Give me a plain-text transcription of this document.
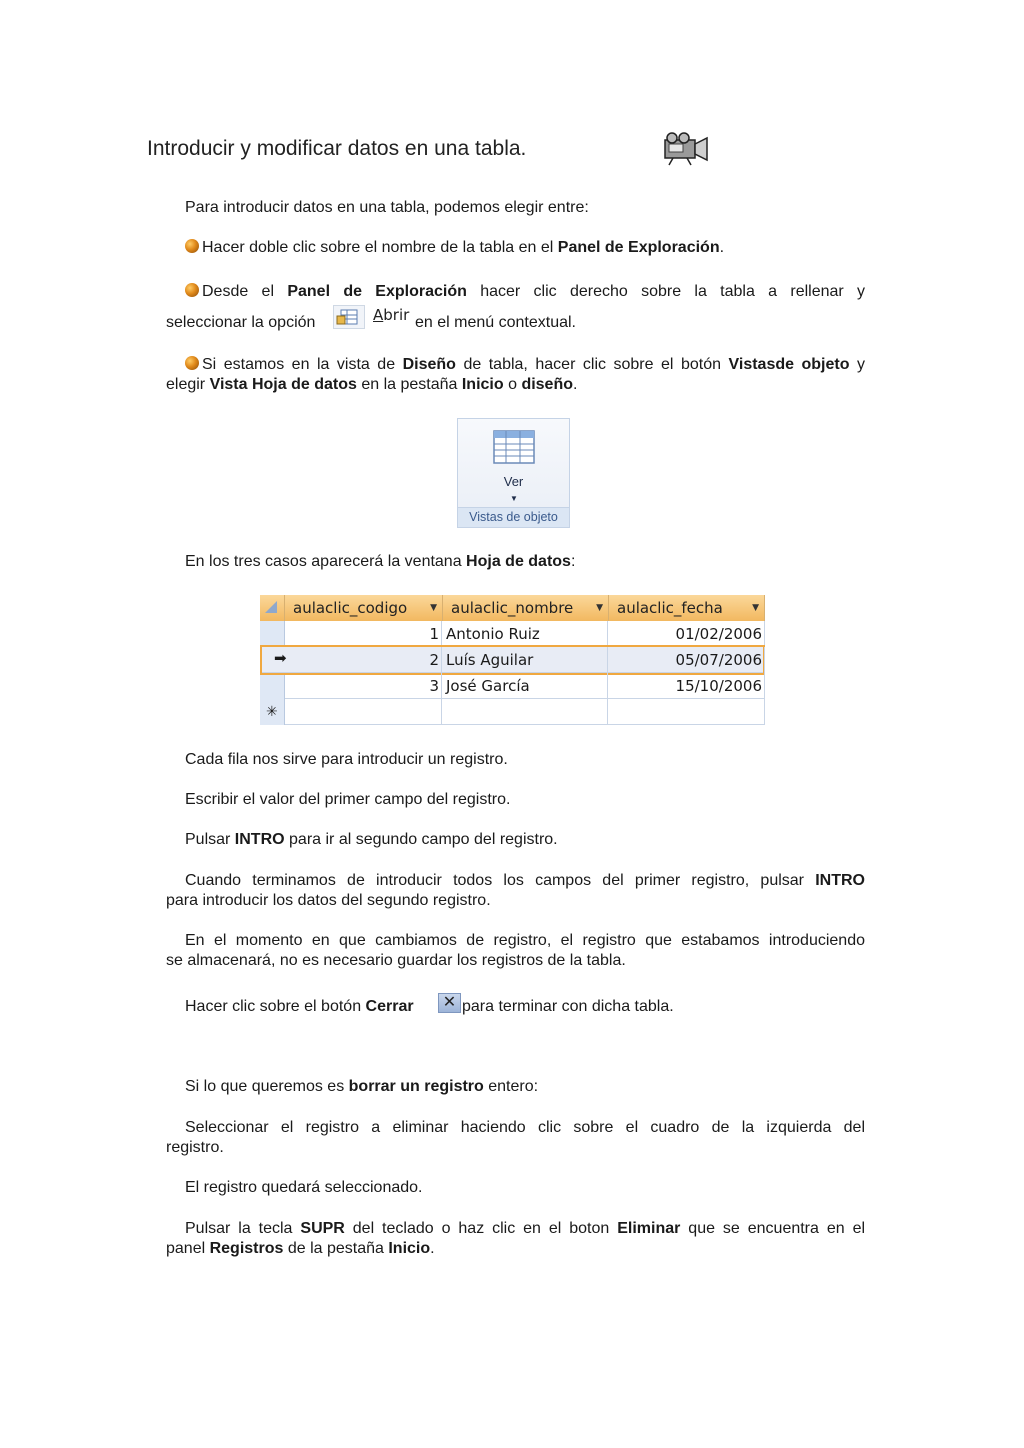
Introducir y modificar datos en una tabla.
Para introducir datos en una tabla, podemos elegir entre:
Hacer doble clic sobre el nombre de la tabla en el Panel de Exploración.
Desde el Panel de Exploración hacer clic derecho sobre la tabla a rellenar y
seleccionar la opción	Abrir en el menú contextual.
Si estamos en la vista de Diseño de tabla, hacer clic sobre el botón Vistasde objeto y
elegir Vista Hoja de datos en la pestaña Inicio o diseño.
Ver
▼
Vistas de objeto
En los tres casos aparecerá la ventana Hoja de datos:
aulaclic_codigo	▼ aulaclic_nombre	▼ aulaclic_fecha	▼
1 Antonio Ruiz	01/02/2006
➡	2 Luís Aguilar	05/07/2006
3 José García	15/10/2006
✳
Cada fila nos sirve para introducir un registro.
Escribir el valor del primer campo del registro.
Pulsar INTRO para ir al segundo campo del registro.
Cuando terminamos de introducir todos los campos del primer registro, pulsar INTRO
para introducir los datos del segundo registro.
En el momento en que cambiamos de registro, el registro que estabamos introduciendo
se almacenará, no es necesario guardar los registros de la tabla.
Hacer clic sobre el botón Cerrar ✕ para terminar con dicha tabla.
Si lo que queremos es borrar un registro entero:
Seleccionar el registro a eliminar haciendo clic sobre el cuadro de la izquierda del
registro.
El registro quedará seleccionado.
Pulsar la tecla SUPR del teclado o haz clic en el boton Eliminar que se encuentra en el
panel Registros de la pestaña Inicio.
